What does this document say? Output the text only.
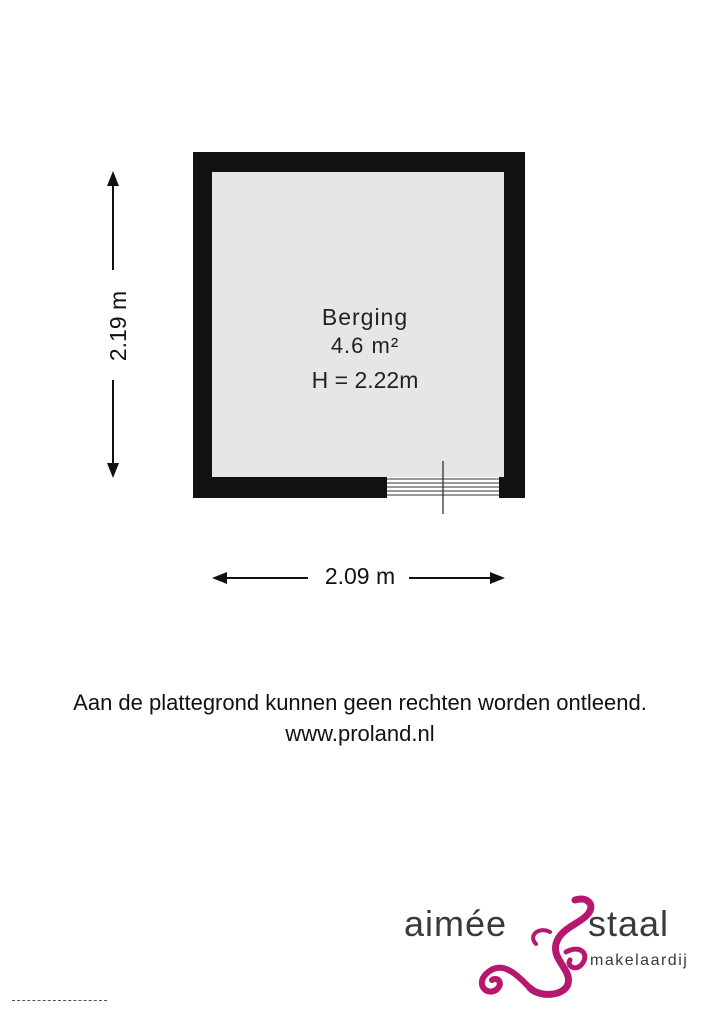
Berging
4.6 m²
H = 2.22m
2.09 m
2.19 m
Aan de plattegrond kunnen geen rechten worden ontleend.
www.proland.nl
aimée staal
makelaardij
